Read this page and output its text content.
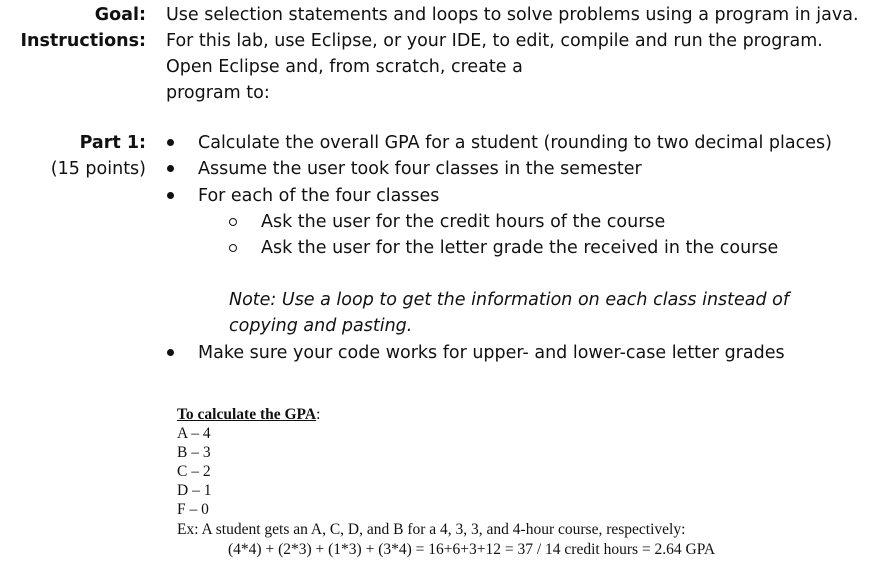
Goal: Use selection statements and loops to solve problems using a program in java.
Instructions: For this lab, use Eclipse, or your IDE, to edit, compile and run the program.
Open Eclipse and, from scratch, create a
program to:
Part 1:	Calculate the overall GPA for a student (rounding to two decimal places)
(15 points)	Assume the user took four classes in the semester
For each of the four classes
Ask the user for the credit hours of the course
Ask the user for the letter grade the received in the course
Note: Use a loop to get the information on each class instead of
copying and pasting.
Make sure your code works for upper- and lower-case letter grades
To calculate the GPA:
A – 4
B – 3
C – 2
D – 1
F – 0
Ex: A student gets an A, C, D, and B for a 4, 3, 3, and 4-hour course, respectively:
(4*4) + (2*3) + (1*3) + (3*4) = 16+6+3+12 = 37 / 14 credit hours = 2.64 GPA
